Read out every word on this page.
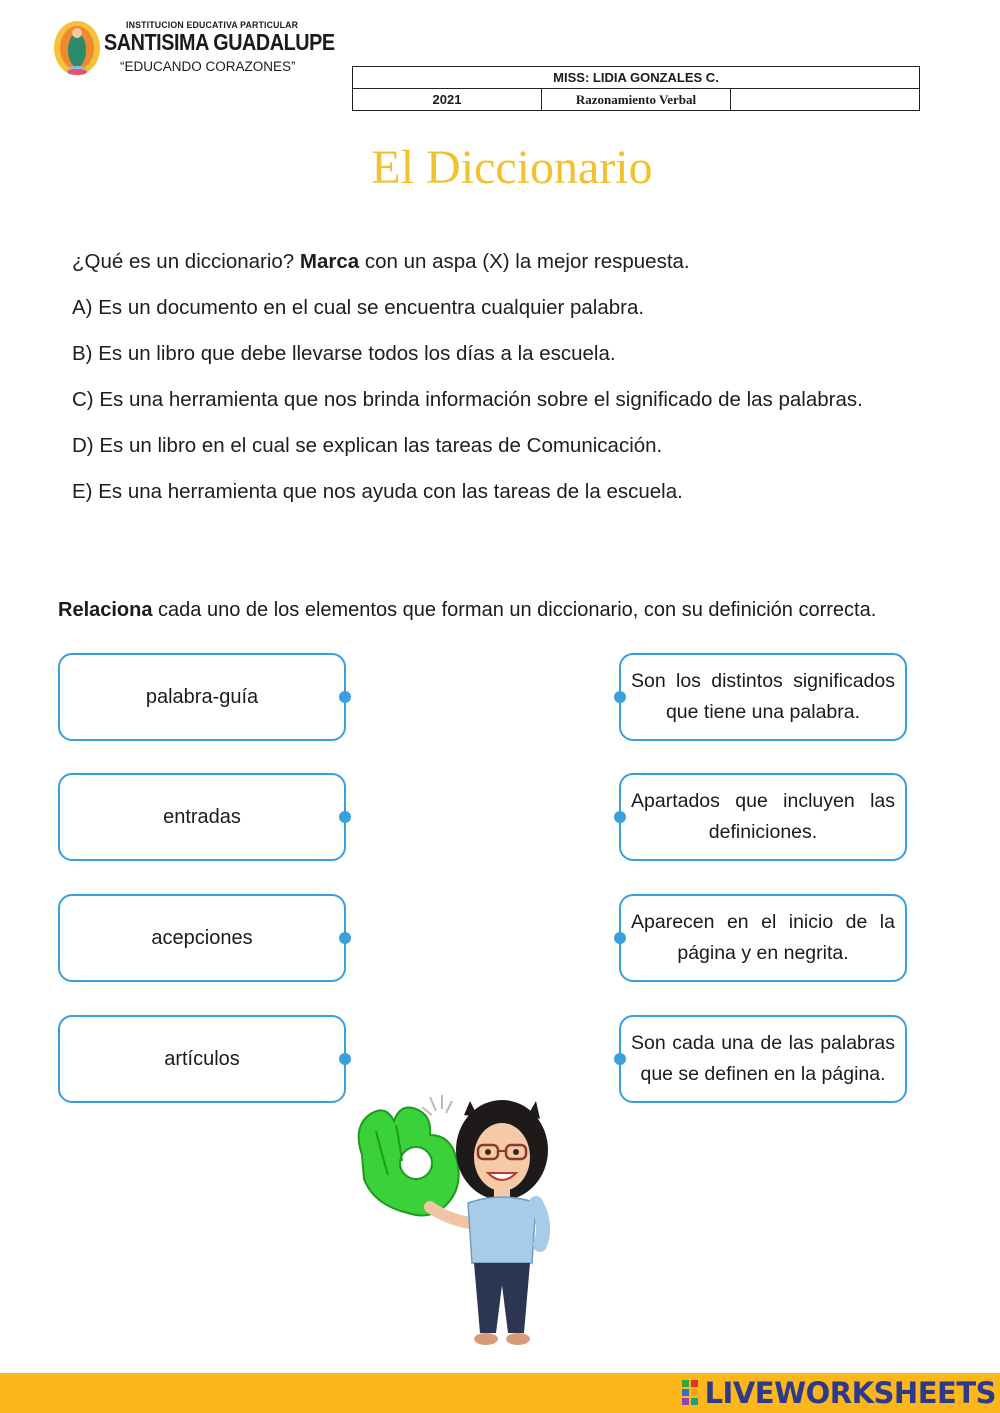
INSTITUCION EDUCATIVA PARTICULAR
SANTISIMA GUADALUPE
“EDUCANDO CORAZONES”
MISS: LIDIA GONZALES C.
2021	Razonamiento Verbal	
El Diccionario
¿Qué es un diccionario? Marca con un aspa (X) la mejor respuesta.
A) Es un documento en el cual se encuentra cualquier palabra.
B) Es un libro que debe llevarse todos los días a la escuela.
C) Es una herramienta que nos brinda información sobre el significado de las palabras.
D) Es un libro en el cual se explican las tareas de Comunicación.
E) Es una herramienta que nos ayuda con las tareas de la escuela.
Relaciona cada uno de los elementos que forman un diccionario, con su definición correcta.
palabra-guía
entradas
acepciones
artículos
Son los distintos significados que tiene una palabra.
Apartados que incluyen las definiciones.
Aparecen en el inicio de la página y en negrita.
Son cada una de las palabras que se definen en la página.
LIVEWORKSHEETS
